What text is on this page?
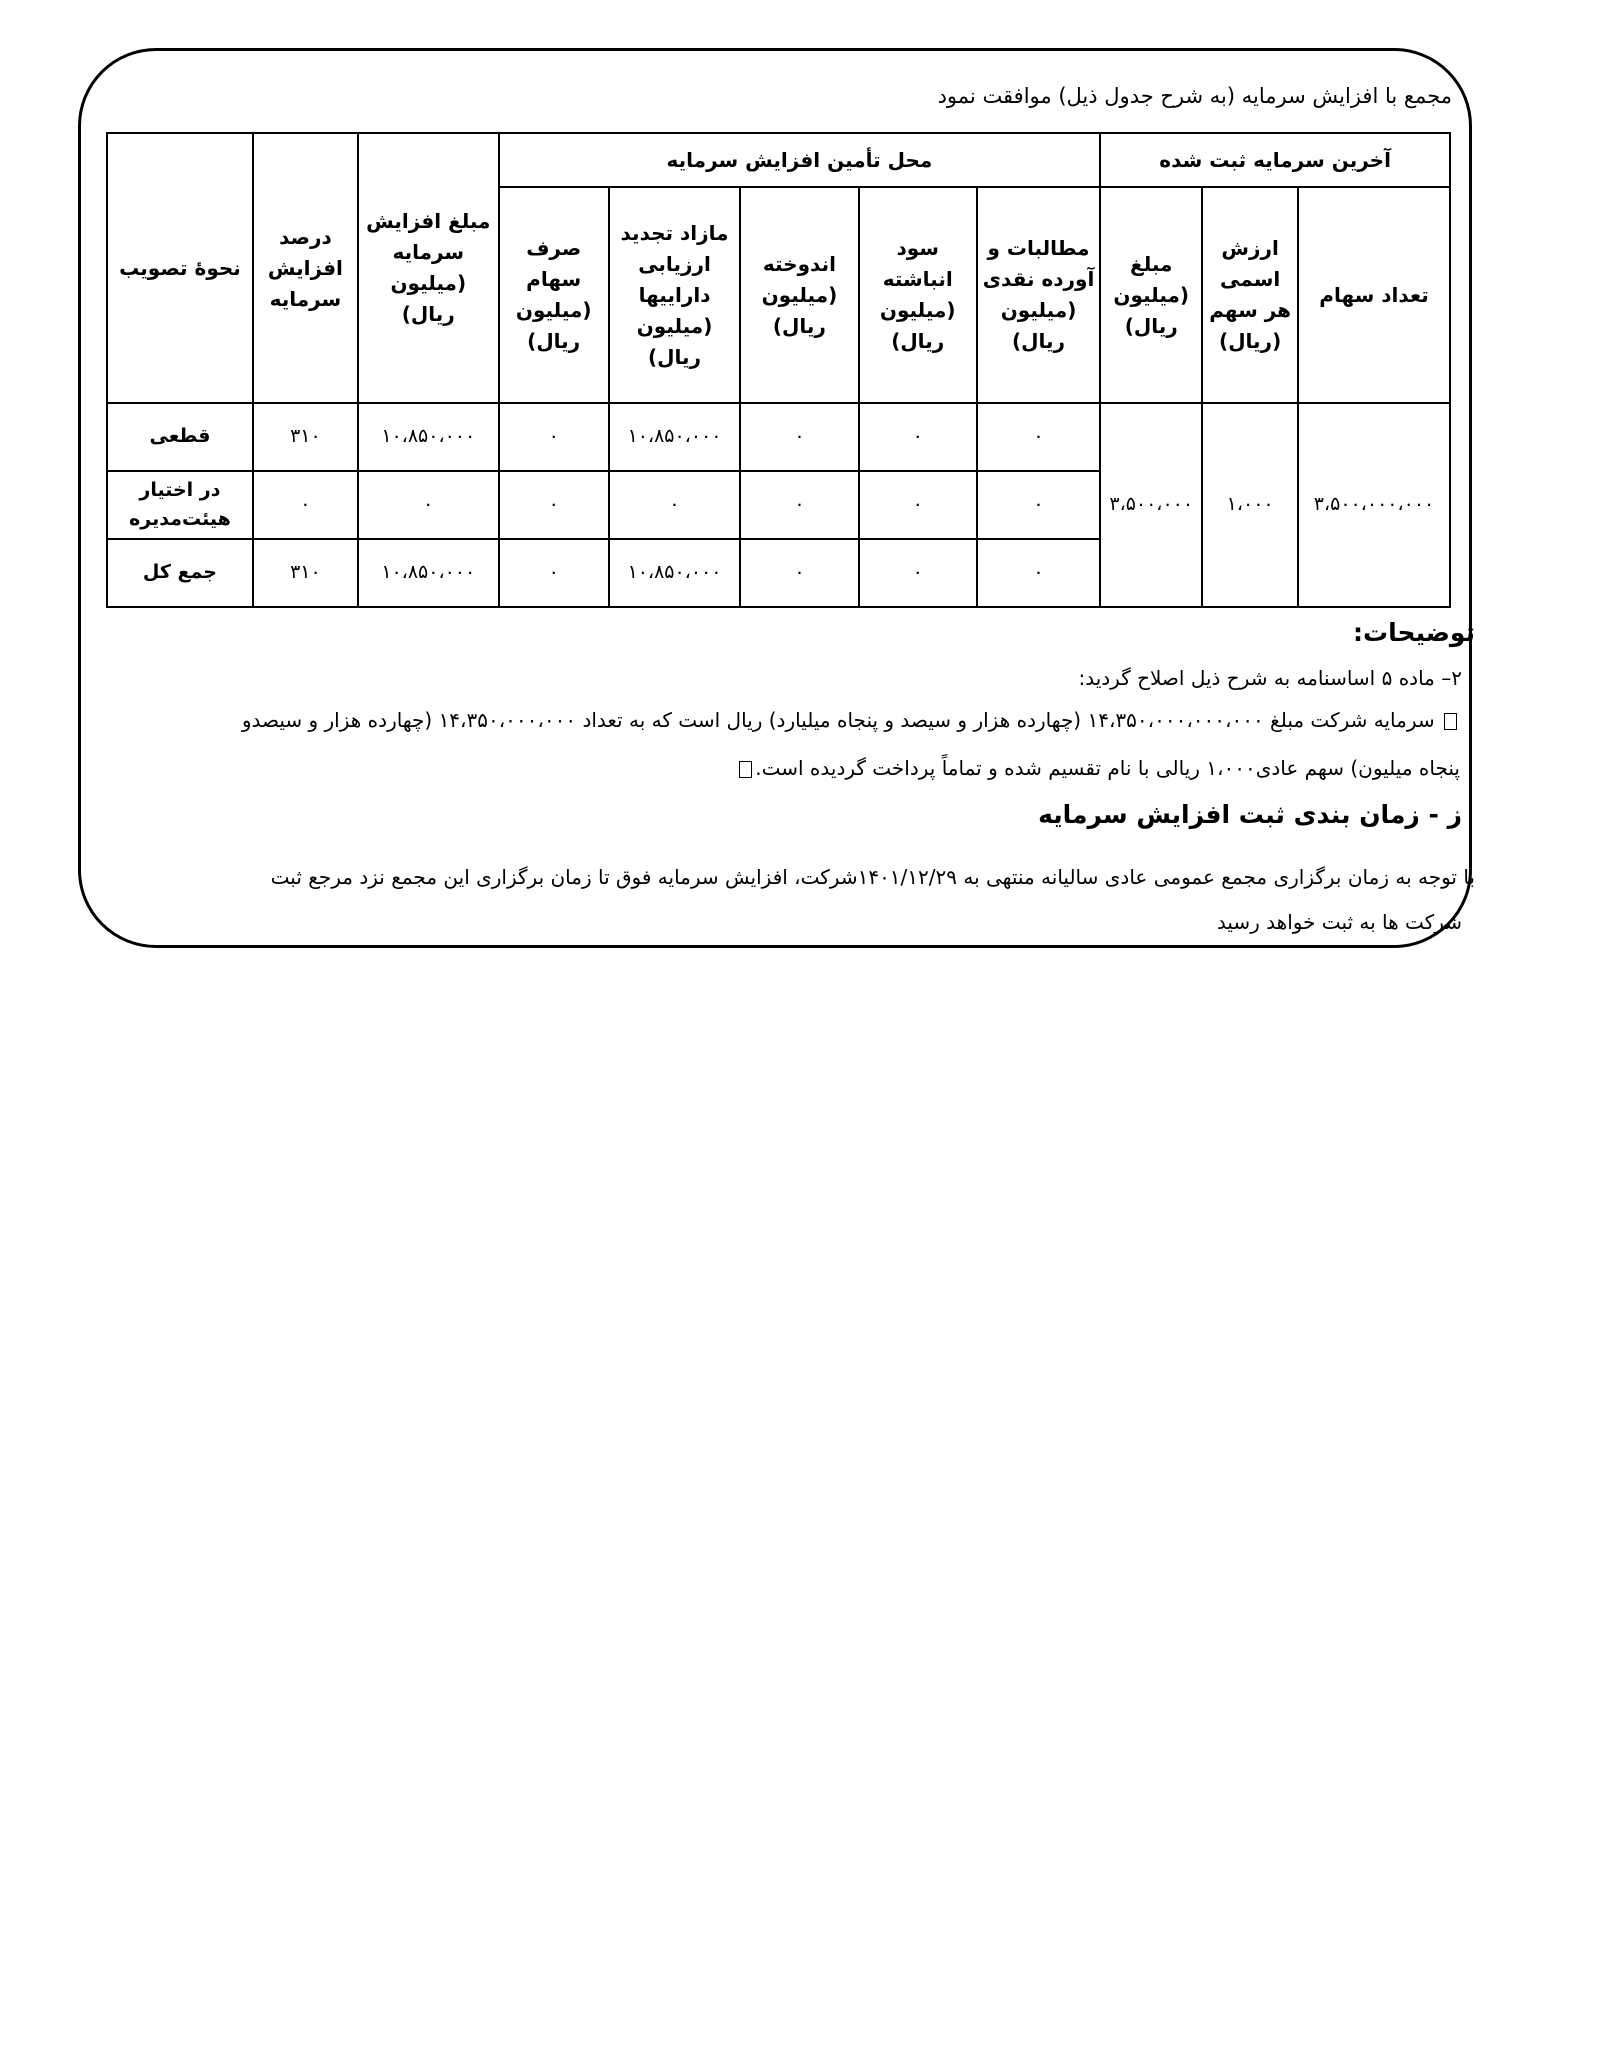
مجمع با افزایش سرمایه (به شرح جدول ذیل) موافقت نمود
آخرین سرمایه ثبت شده			محل تأمین افزایش سرمایه					مبلغ افزایش سرمایه (میلیون ریال)	درصد افزایش سرمایه	نحوهٔ تصویب
تعداد سهام	ارزش اسمی هر سهم (ریال)	مبلغ (میلیون ریال)	مطالبات و آورده نقدی (میلیون ریال)	سود انباشته (میلیون ریال)	اندوخته (میلیون ریال)	مازاد تجدید ارزیابی داراییها (میلیون ریال)	صرف سهام (میلیون ریال)			
۳،۵۰۰،۰۰۰،۰۰۰	۱،۰۰۰	۳،۵۰۰،۰۰۰	۰	۰	۰	۱۰،۸۵۰،۰۰۰	۰	۱۰،۸۵۰،۰۰۰	۳۱۰	قطعی
			۰	۰	۰	۰	۰	۰	۰	در اختیار هیئت‌مدیره
			۰	۰	۰	۱۰،۸۵۰،۰۰۰	۰	۱۰،۸۵۰،۰۰۰	۳۱۰	جمع کل
توضیحات:
۲– ماده ۵ اساسنامه به شرح ذیل اصلاح گردید:
سرمایه شرکت مبلغ ۱۴،۳۵۰،۰۰۰،۰۰۰،۰۰۰ (چهارده هزار و سیصد و پنجاه میلیارد) ریال است که به تعداد ۱۴،۳۵۰،۰۰۰،۰۰۰ (چهارده هزار و سیصدو
پنجاه میلیون) سهم عادی۱،۰۰۰ ریالی با نام تقسیم شده و تماماً پرداخت گردیده است.
ز - زمان بندی ثبت افزایش سرمایه
با توجه به زمان برگزاری مجمع عمومی عادی سالیانه منتهی به ۱۴۰۱/۱۲/۲۹شرکت، افزایش سرمایه فوق تا زمان برگزاری این مجمع نزد مرجع ثبت
شرکت ها به ثبت خواهد رسید
